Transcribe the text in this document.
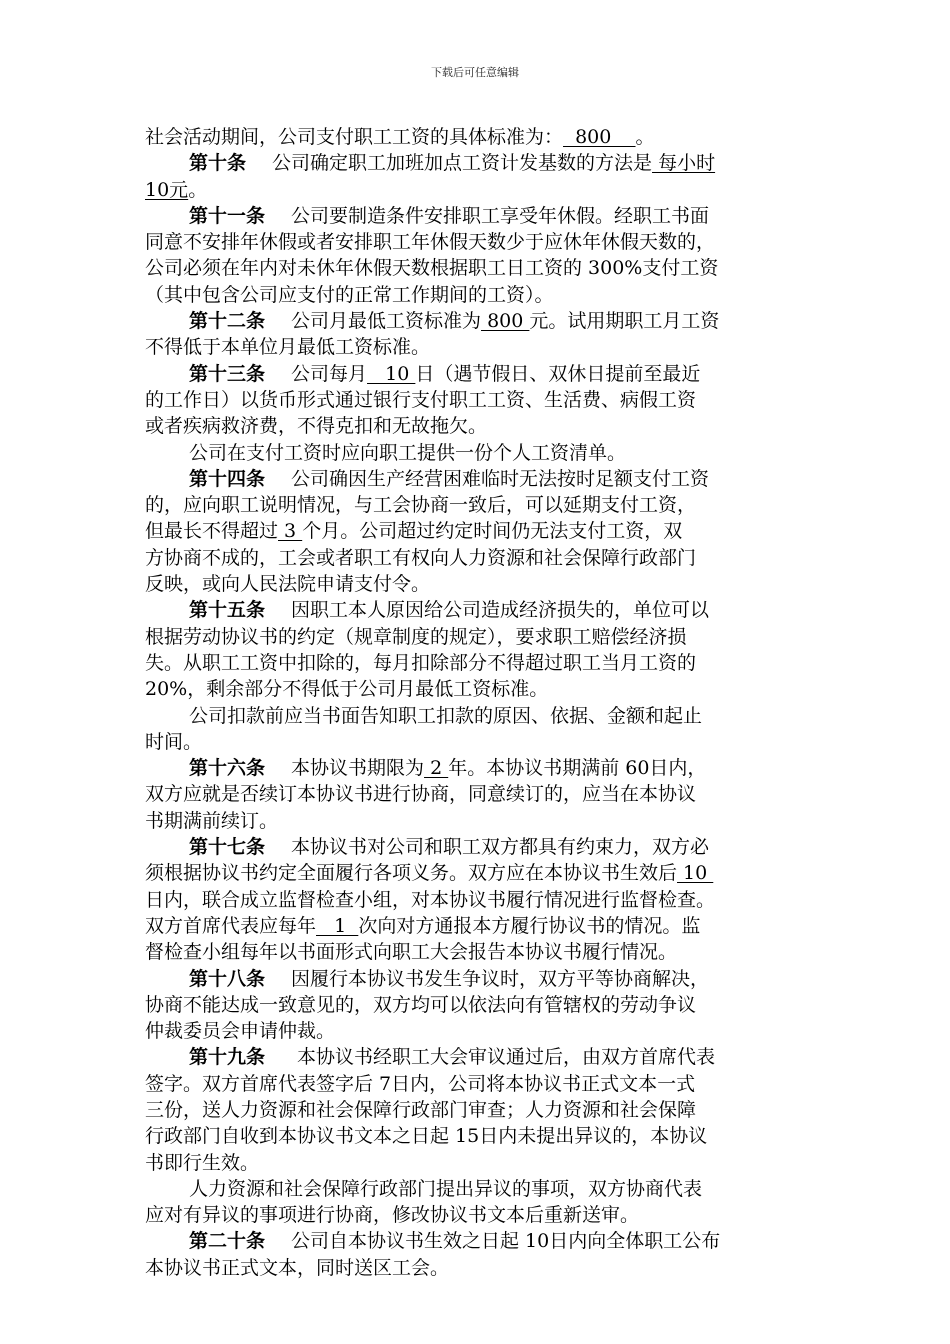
下载后可任意编辑
社会活动期间，公司支付职工工资的具体标准为：  800    。
第十条 公司确定职工加班加点工资计发基数的方法是 每小时
10元。
第十一条 公司要制造条件安排职工享受年休假。经职工书面
同意不安排年休假或者安排职工年休假天数少于应休年休假天数的，
公司必须在年内对未休年休假天数根据职工日工资的 300%支付工资
（其中包含公司应支付的正常工作期间的工资）。
第十二条 公司月最低工资标准为 800 元。试用期职工月工资
不得低于本单位月最低工资标准。
第十三条 公司每月   10 日（遇节假日、双休日提前至最近
的工作日）以货币形式通过银行支付职工工资、生活费、病假工资
或者疾病救济费，不得克扣和无故拖欠。
公司在支付工资时应向职工提供一份个人工资清单。
第十四条 公司确因生产经营困难临时无法按时足额支付工资
的，应向职工说明情况，与工会协商一致后，可以延期支付工资，
但最长不得超过 3 个月。公司超过约定时间仍无法支付工资，双
方协商不成的，工会或者职工有权向人力资源和社会保障行政部门
反映，或向人民法院申请支付令。
第十五条 因职工本人原因给公司造成经济损失的，单位可以
根据劳动协议书的约定（规章制度的规定），要求职工赔偿经济损
失。从职工工资中扣除的，每月扣除部分不得超过职工当月工资的
20%，剩余部分不得低于公司月最低工资标准。
公司扣款前应当书面告知职工扣款的原因、依据、金额和起止
时间。
第十六条 本协议书期限为 2 年。本协议书期满前 60日内，
双方应就是否续订本协议书进行协商，同意续订的，应当在本协议
书期满前续订。
第十七条 本协议书对公司和职工双方都具有约束力，双方必
须根据协议书约定全面履行各项义务。双方应在本协议书生效后 10
日内，联合成立监督检查小组，对本协议书履行情况进行监督检查。
双方首席代表应每年   1  次向对方通报本方履行协议书的情况。监
督检查小组每年以书面形式向职工大会报告本协议书履行情况。
第十八条 因履行本协议书发生争议时，双方平等协商解决，
协商不能达成一致意见的，双方均可以依法向有管辖权的劳动争议
仲裁委员会申请仲裁。
第十九条 本协议书经职工大会审议通过后，由双方首席代表
签字。双方首席代表签字后 7日内，公司将本协议书正式文本一式
三份，送人力资源和社会保障行政部门审查；人力资源和社会保障
行政部门自收到本协议书文本之日起 15日内未提出异议的，本协议
书即行生效。
人力资源和社会保障行政部门提出异议的事项，双方协商代表
应对有异议的事项进行协商，修改协议书文本后重新送审。
第二十条 公司自本协议书生效之日起 10日内向全体职工公布
本协议书正式文本，同时送区工会。
